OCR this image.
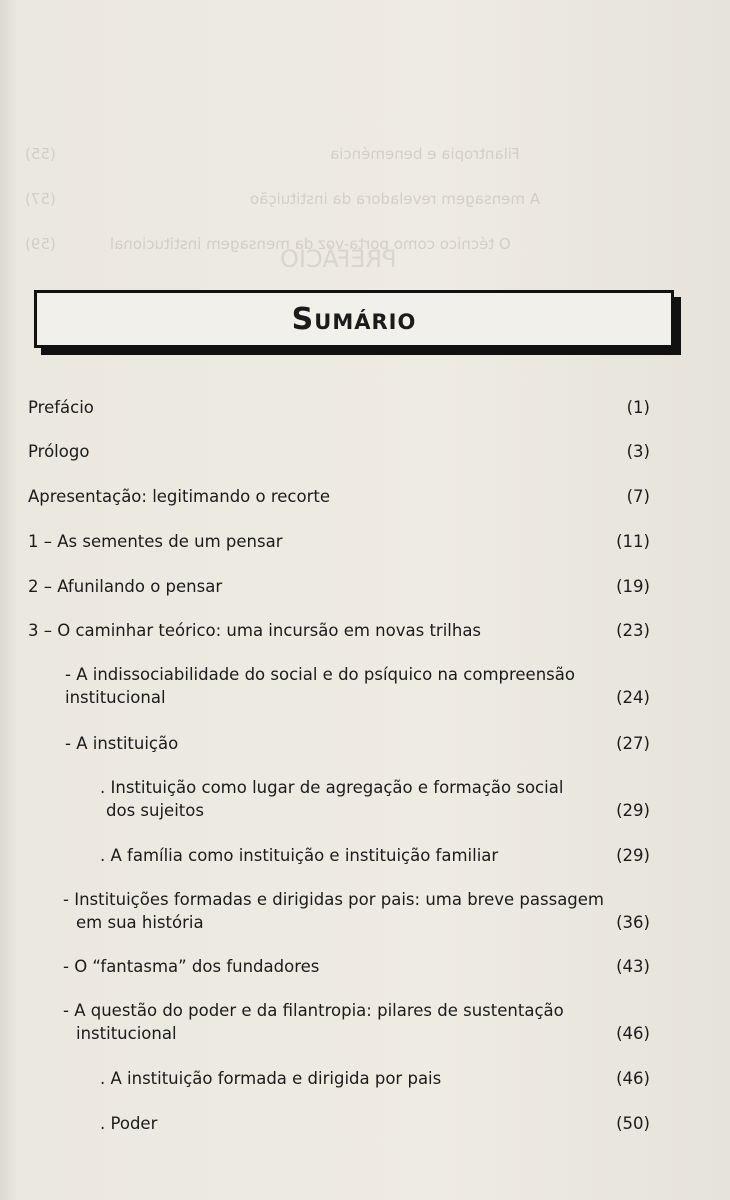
Filantropia e beneméncia
(55)
A mensagem reveladora da instituição
(57)
O técnico como porta-voz da mensagem institucional
(59)
PREFÁCIO
Sumário
Prefácio	(1)
Prólogo	(3)
Apresentação: legitimando o recorte	(7)
1 – As sementes de um pensar	(11)
2 – Afunilando o pensar	(19)
3 – O caminhar teórico: uma incursão em novas trilhas	(23)
- A indissociabilidade do social e do psíquico na compreensão
institucional	(24)
- A instituição	(27)
. Instituição como lugar de agregação e formação social
dos sujeitos	(29)
. A família como instituição e instituição familiar	(29)
- Instituições formadas e dirigidas por pais: uma breve passagem
em sua história	(36)
- O “fantasma” dos fundadores	(43)
- A questão do poder e da filantropia: pilares de sustentação
institucional	(46)
. A instituição formada e dirigida por pais	(46)
. Poder	(50)
